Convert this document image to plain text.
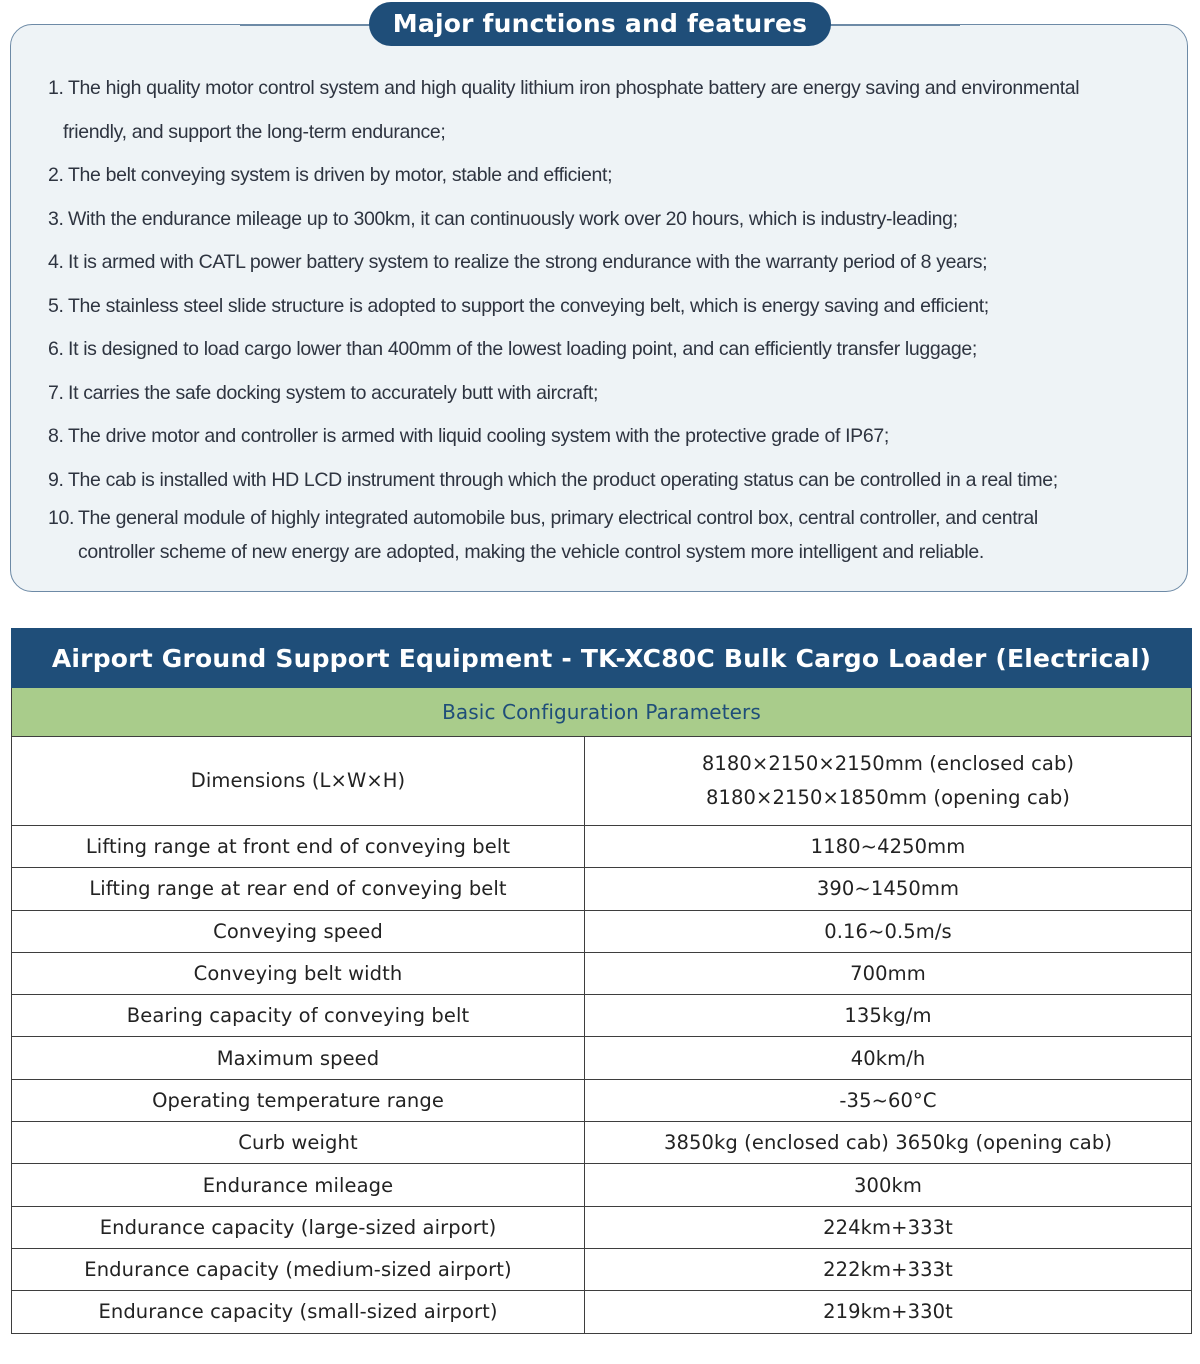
Major functions and features
1. The high quality motor control system and high quality lithium iron phosphate battery are energy saving and environmental
friendly, and support the long-term endurance;
2. The belt conveying system is driven by motor, stable and efficient;
3. With the endurance mileage up to 300km, it can continuously work over 20 hours, which is industry-leading;
4. It is armed with CATL power battery system to realize the strong endurance with the warranty period of 8 years;
5. The stainless steel slide structure is adopted to support the conveying belt, which is energy saving and efficient;
6. It is designed to load cargo lower than 400mm of the lowest loading point, and can efficiently transfer luggage;
7. It carries the safe docking system to accurately butt with aircraft;
8. The drive motor and controller is armed with liquid cooling system with the protective grade of IP67;
9. The cab is installed with HD LCD instrument through which the product operating status can be controlled in a real time;
10. The general module of highly integrated automobile bus, primary electrical control box, central controller, and central
controller scheme of new energy are adopted, making the vehicle control system more intelligent and reliable.
Airport Ground Support Equipment - TK-XC80C Bulk Cargo Loader (Electrical)	
Basic Configuration Parameters	
Dimensions (L×W×H)	8180×2150×2150mm (enclosed cab)
8180×2150×1850mm (opening cab)

Lifting range at front end of conveying belt	1180~4250mm

Lifting range at rear end of conveying belt	390~1450mm

Conveying speed	0.16~0.5m/s

Conveying belt width	700mm

Bearing capacity of conveying belt	135kg/m

Maximum speed	40km/h

Operating temperature range	-35~60°C

Curb weight	3850kg (enclosed cab) 3650kg (opening cab)

Endurance mileage	300km

Endurance capacity (large-sized airport)	224km+333t

Endurance capacity (medium-sized airport)	222km+333t

Endurance capacity (small-sized airport)	219km+330t
